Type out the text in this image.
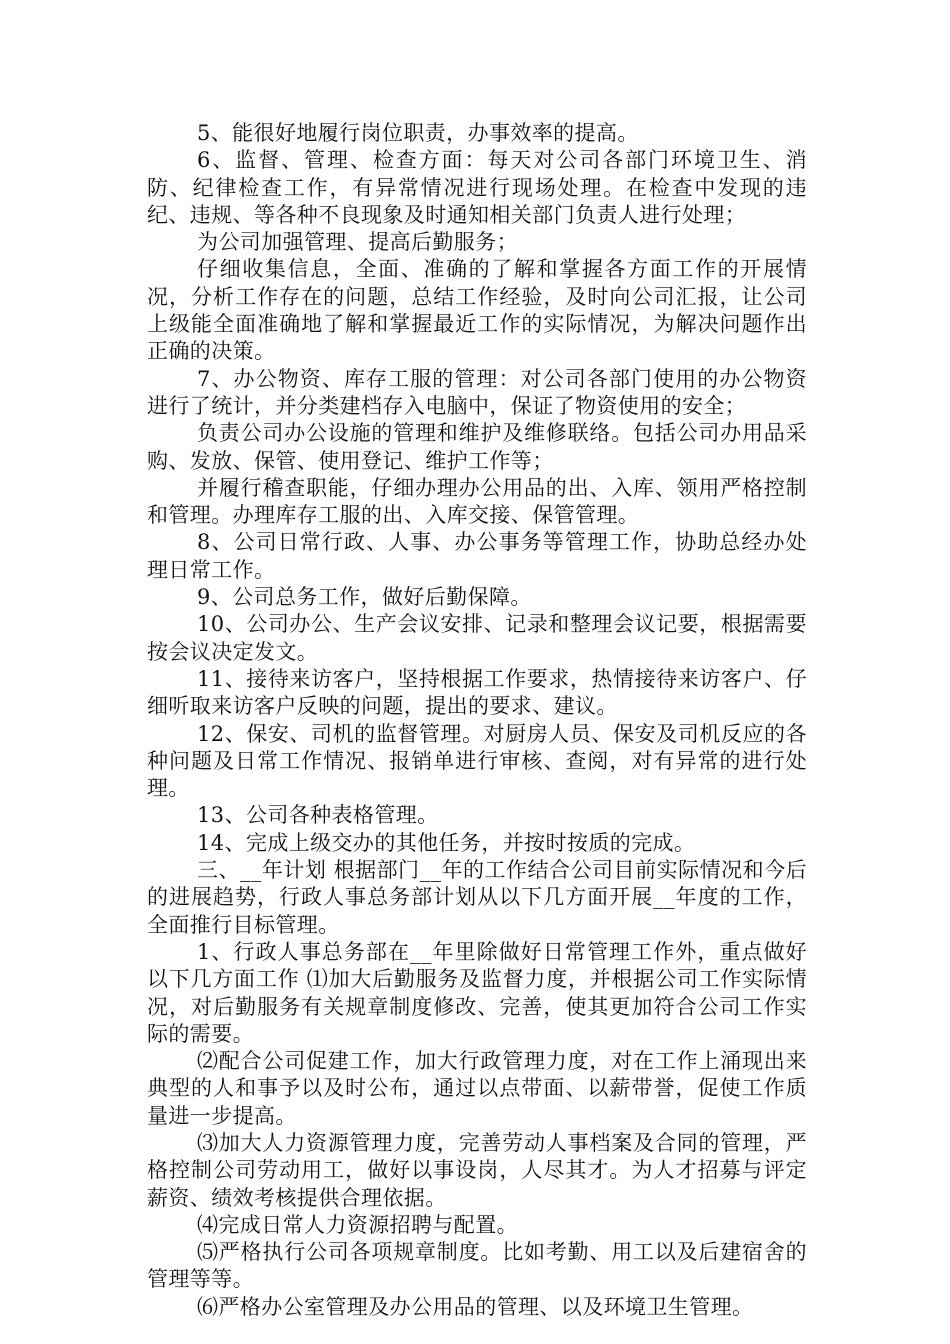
5、能很好地履行岗位职责，办事效率的提高。

6、监督、管理、检查方面：每天对公司各部门环境卫生、消防、纪律检查工作，有异常情况进行现场处理。在检查中发现的违纪、违规、等各种不良现象及时通知相关部门负责人进行处理；

为公司加强管理、提高后勤服务；

仔细收集信息，全面、准确的了解和掌握各方面工作的开展情况，分析工作存在的问题，总结工作经验，及时向公司汇报，让公司上级能全面准确地了解和掌握最近工作的实际情况，为解决问题作出正确的决策。

7、办公物资、库存工服的管理：对公司各部门使用的办公物资进行了统计，并分类建档存入电脑中，保证了物资使用的安全；

负责公司办公设施的管理和维护及维修联络。包括公司办用品采购、发放、保管、使用登记、维护工作等；

并履行稽查职能，仔细办理办公用品的出、入库、领用严格控制和管理。办理库存工服的出、入库交接、保管管理。

8、公司日常行政、人事、办公事务等管理工作，协助总经办处理日常工作。

9、公司总务工作，做好后勤保障。

10、公司办公、生产会议安排、记录和整理会议记要，根据需要按会议决定发文。

11、接待来访客户，坚持根据工作要求，热情接待来访客户、仔细听取来访客户反映的问题，提出的要求、建议。

12、保安、司机的监督管理。对厨房人员、保安及司机反应的各种问题及日常工作情况、报销单进行审核、查阅，对有异常的进行处理。

13、公司各种表格管理。

14、完成上级交办的其他任务，并按时按质的完成。

三、__年计划 根据部门__年的工作结合公司目前实际情况和今后的进展趋势，行政人事总务部计划从以下几方面开展__年度的工作，全面推行目标管理。

1、行政人事总务部在__年里除做好日常管理工作外，重点做好以下几方面工作 ⑴加大后勤服务及监督力度，并根据公司工作实际情况，对后勤服务有关规章制度修改、完善，使其更加符合公司工作实际的需要。

⑵配合公司促建工作，加大行政管理力度，对在工作上涌现出来典型的人和事予以及时公布，通过以点带面、以薪带誉，促使工作质量进一步提高。

⑶加大人力资源管理力度，完善劳动人事档案及合同的管理，严格控制公司劳动用工，做好以事设岗，人尽其才。为人才招募与评定薪资、绩效考核提供合理依据。

⑷完成日常人力资源招聘与配置。

⑸严格执行公司各项规章制度。比如考勤、用工以及后建宿舍的管理等等。

⑹严格办公室管理及办公用品的管理、以及环境卫生管理。
